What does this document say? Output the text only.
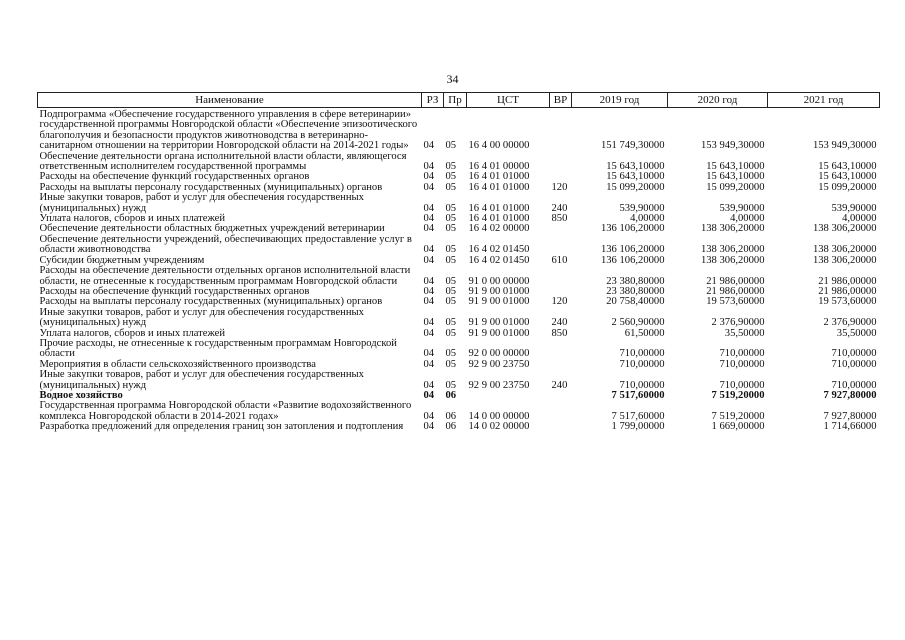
34
Наименование	РЗ	Пр	ЦСТ	ВР	2019 год	2020 год	2021 год
Подпрограмма «Обеспечение государственного управления в сфере ветеринарии» государственной программы Новгородской области «Обеспечение эпизоотического благополучия и безопасности продуктов животноводства в ветеринарно-санитарном отношении на территории Новгородской области на 2014-2021 годы»	04	05	16 4 00 00000		151 749,30000	153 949,30000	153 949,30000
Обеспечение деятельности органа исполнительной власти области, являющегося ответственным исполнителем государственной программы	04	05	16 4 01 00000		15 643,10000	15 643,10000	15 643,10000
Расходы на обеспечение функций государственных органов	04	05	16 4 01 01000		15 643,10000	15 643,10000	15 643,10000
Расходы на выплаты персоналу государственных (муниципальных) органов	04	05	16 4 01 01000	120	15 099,20000	15 099,20000	15 099,20000
Иные закупки товаров, работ и услуг для обеспечения государственных (муниципальных) нужд	04	05	16 4 01 01000	240	539,90000	539,90000	539,90000
Уплата налогов, сборов и иных платежей	04	05	16 4 01 01000	850	4,00000	4,00000	4,00000
Обеспечение деятельности областных бюджетных учреждений ветеринарии	04	05	16 4 02 00000		136 106,20000	138 306,20000	138 306,20000
Обеспечение деятельности учреждений, обеспечивающих предоставление услуг в области животноводства	04	05	16 4 02 01450		136 106,20000	138 306,20000	138 306,20000
Субсидии бюджетным учреждениям	04	05	16 4 02 01450	610	136 106,20000	138 306,20000	138 306,20000
Расходы на обеспечение деятельности отдельных органов исполнительной власти области, не отнесенные к государственным программам Новгородской области	04	05	91 0 00 00000		23 380,80000	21 986,00000	21 986,00000
Расходы на обеспечение функций государственных органов	04	05	91 9 00 01000		23 380,80000	21 986,00000	21 986,00000
Расходы на выплаты персоналу государственных (муниципальных) органов	04	05	91 9 00 01000	120	20 758,40000	19 573,60000	19 573,60000
Иные закупки товаров, работ и услуг для обеспечения государственных (муниципальных) нужд	04	05	91 9 00 01000	240	2 560,90000	2 376,90000	2 376,90000
Уплата налогов, сборов и иных платежей	04	05	91 9 00 01000	850	61,50000	35,50000	35,50000
Прочие расходы, не отнесенные к государственным программам Новгородской области	04	05	92 0 00 00000		710,00000	710,00000	710,00000
Мероприятия в области сельскохозяйственного производства	04	05	92 9 00 23750		710,00000	710,00000	710,00000
Иные закупки товаров, работ и услуг для обеспечения государственных (муниципальных) нужд	04	05	92 9 00 23750	240	710,00000	710,00000	710,00000
Водное хозяйство	04	06			7 517,60000	7 519,20000	7 927,80000
Государственная программа Новгородской области «Развитие водохозяйственного комплекса Новгородской области в 2014-2021 годах»	04	06	14 0 00 00000		7 517,60000	7 519,20000	7 927,80000
Разработка предложений для определения границ зон затопления и подтопления	04	06	14 0 02 00000		1 799,00000	1 669,00000	1 714,66000
